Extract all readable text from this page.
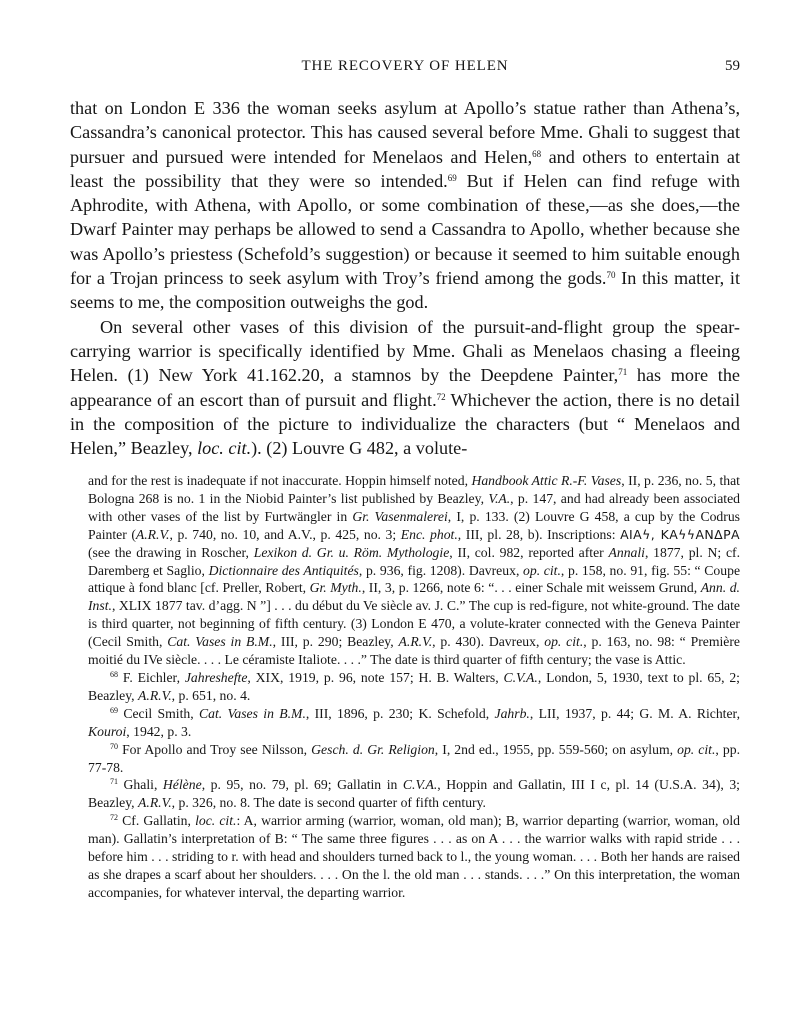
THE RECOVERY OF HELEN	59

that on London E 336 the woman seeks asylum at Apollo’s statue rather than Athena’s, Cassandra’s canonical protector. This has caused several before Mme. Ghali to suggest that pursuer and pursued were intended for Menelaos and Helen,$^{68}$ and others to entertain at least the possibility that they were so intended.$^{69}$ But if Helen can find refuge with Aphrodite, with Athena, with Apollo, or some combination of these,—as she does,—the Dwarf Painter may perhaps be allowed to send a Cassandra to Apollo, whether because she was Apollo’s priestess (Schefold’s suggestion) or because it seemed to him suitable enough for a Trojan princess to seek asylum with Troy’s friend among the gods.$^{70}$ In this matter, it seems to me, the composition outweighs the god.

On several other vases of this division of the pursuit-and-flight group the spear-carrying warrior is specifically identified by Mme. Ghali as Menelaos chasing a fleeing Helen. (1) New York 41.162.20, a stamnos by the Deepdene Painter,$^{71}$ has more the appearance of an escort than of pursuit and flight.$^{72}$ Whichever the action, there is no detail in the composition of the picture to individualize the characters (but “ Menelaos and Helen,” Beazley, loc. cit.). (2) Louvre G 482, a volute-

and for the rest is inadequate if not inaccurate. Hoppin himself noted, Handbook Attic R.-F. Vases, II, p. 236, no. 5, that Bologna 268 is no. 1 in the Niobid Painter’s list published by Beazley, V.A., p. 147, and had already been associated with other vases of the list by Furtwängler in Gr. Vasenmalerei, I, p. 133. (2) Louvre G 458, a cup by the Codrus Painter (A.R.V., p. 740, no. 10, and A.V., p. 425, no. 3; Enc. phot., III, pl. 28, b). Inscriptions: ΑΙΑϟ, ΚΑϟϟΑΝΔΡΑ (see the drawing in Roscher, Lexikon d. Gr. u. Röm. Mythologie, II, col. 982, reported after Annali, 1877, pl. N; cf. Daremberg et Saglio, Dictionnaire des Antiquités, p. 936, fig. 1208). Davreux, op. cit., p. 158, no. 91, fig. 55: “ Coupe attique à fond blanc [cf. Preller, Robert, Gr. Myth., II, 3, p. 1266, note 6: “. . . einer Schale mit weissem Grund, Ann. d. Inst., XLIX 1877 tav. d’agg. N ”] . . . du début du Ve siècle av. J. C.” The cup is red-figure, not white-ground. The date is third quarter, not beginning of fifth century. (3) London E 470, a volute-krater connected with the Geneva Painter (Cecil Smith, Cat. Vases in B.M., III, p. 290; Beazley, A.R.V., p. 430). Davreux, op. cit., p. 163, no. 98: “ Première moitié du IVe siècle. . . . Le céramiste Italiote. . . .” The date is third quarter of fifth century; the vase is Attic.

$^{68}$ F. Eichler, Jahreshefte, XIX, 1919, p. 96, note 157; H. B. Walters, C.V.A., London, 5, 1930, text to pl. 65, 2; Beazley, A.R.V., p. 651, no. 4.

$^{69}$ Cecil Smith, Cat. Vases in B.M., III, 1896, p. 230; K. Schefold, Jahrb., LII, 1937, p. 44; G. M. A. Richter, Kouroi, 1942, p. 3.

$^{70}$ For Apollo and Troy see Nilsson, Gesch. d. Gr. Religion, I, 2nd ed., 1955, pp. 559-560; on asylum, op. cit., pp. 77-78.

$^{71}$ Ghali, Hélène, p. 95, no. 79, pl. 69; Gallatin in C.V.A., Hoppin and Gallatin, III I c, pl. 14 (U.S.A. 34), 3; Beazley, A.R.V., p. 326, no. 8. The date is second quarter of fifth century.

$^{72}$ Cf. Gallatin, loc. cit.: A, warrior arming (warrior, woman, old man); B, warrior departing (warrior, woman, old man). Gallatin’s interpretation of B: “ The same three figures . . . as on A . . . the warrior walks with rapid stride . . . before him . . . striding to r. with head and shoulders turned back to l., the young woman. . . . Both her hands are raised as she drapes a scarf about her shoulders. . . . On the l. the old man . . . stands. . . .” On this interpretation, the woman accompanies, for whatever interval, the departing warrior.
